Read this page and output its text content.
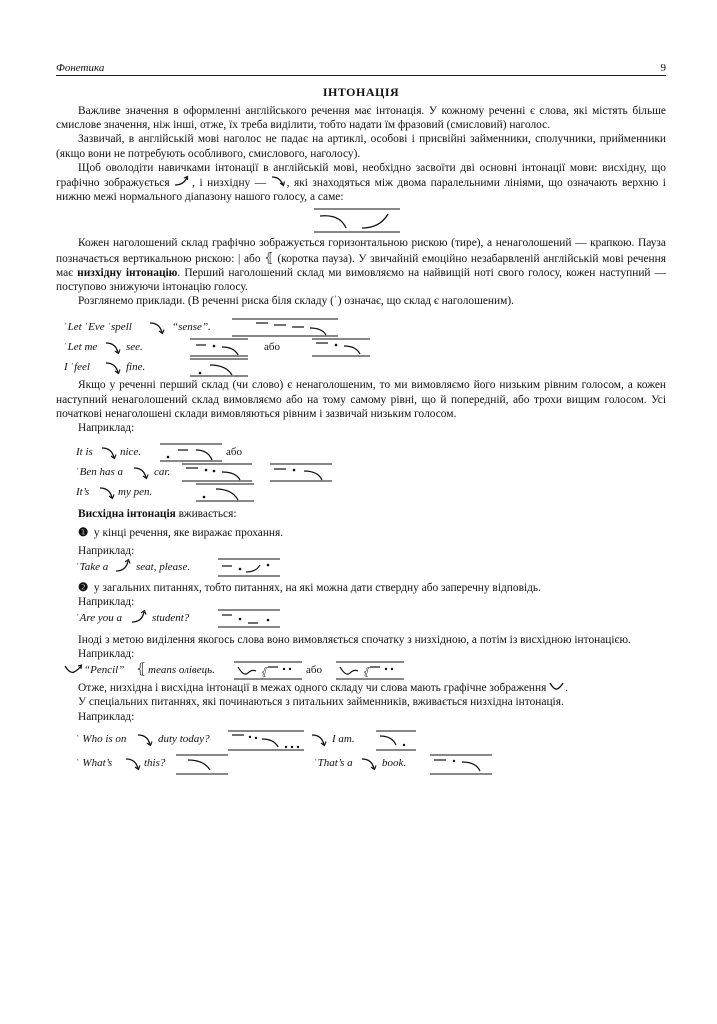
Фонетика	9
ІНТОНАЦІЯ

Важливе значення в оформленні англійського речення має інтонація. У кожному реченні є слова, які містять більше смислове значення, ніж інші, отже, їх треба виділити, тобто надати їм фразовий (смисловий) наголос.

Зазвичай, в англійській мові наголос не падає на артиклі, особові і присвійні займенники, сполучники, прийменники (якщо вони не потребують особливого, смислового, наголосу).

Щоб оволодіти навичками інтонації в англійській мові, необхідно засвоїти дві основні інтонації мови: висхідну, що графічно зображується , і низхідну — , які знаходяться між двома паралельними лініями, що означають верхню і нижню межі нормального діапазону нашого голосу, а саме:

Кожен наголошений склад графічно зображується горизонтальною рискою (тире), а ненаголошений — крапкою. Пауза позначається вертикальною рискою: | або ⦃ (коротка пауза). У звичайній емоційно незабарвленій англійській мові речення має низхідну інтонацію. Перший наголошений склад ми вимовляємо на найвищій ноті свого голосу, кожен наступний — поступово знижуючи інтонацію голосу.

Розглянемо приклади. (В реченні риска біля складу (ˈ) означає, що склад є наголошеним).

ˈLet ˈEve ˈspell	“sense”.
ˈLet me	see.	або
I ˈfeel	fine.

Якщо у реченні перший склад (чи слово) є ненаголошеним, то ми вимовляємо його низьким рівним голосом, а кожен наступний ненаголошений склад вимовляємо або на тому самому рівні, що й попередній, або трохи вищим голосом. Усі початкові ненаголошені склади вимовляються рівним і зазвичай низьким голосом.

Наприклад:

It is nice.	або
ˈBen has a	car.
It’s	my pen.

Висхідна інтонація вживається:

❶ у кінці речення, яке виражає прохання.

Наприклад:

ˈTake a	seat, please.

❷ у загальних питаннях, тобто питаннях, на які можна дати ствердну або заперечну відповідь.

Наприклад:

ˈAre you a	student?

Іноді з метою виділення якогось слова воно вимовляється спочатку з низхідною, а потім із висхідною інтонацією.

Наприклад:

“Pencil” ⦃ means олівець.	⦃	або	⦃

Отже, низхідна і висхідна інтонації в межах одного складу чи слова мають графічне зображення .

У спеціальних питаннях, які починаються з питальних займенників, вживається низхідна інтонація.

Наприклад:

ˈ Who is on	duty today?	I am.
ˈ What’s	this?	ˈThat’s a	book.
